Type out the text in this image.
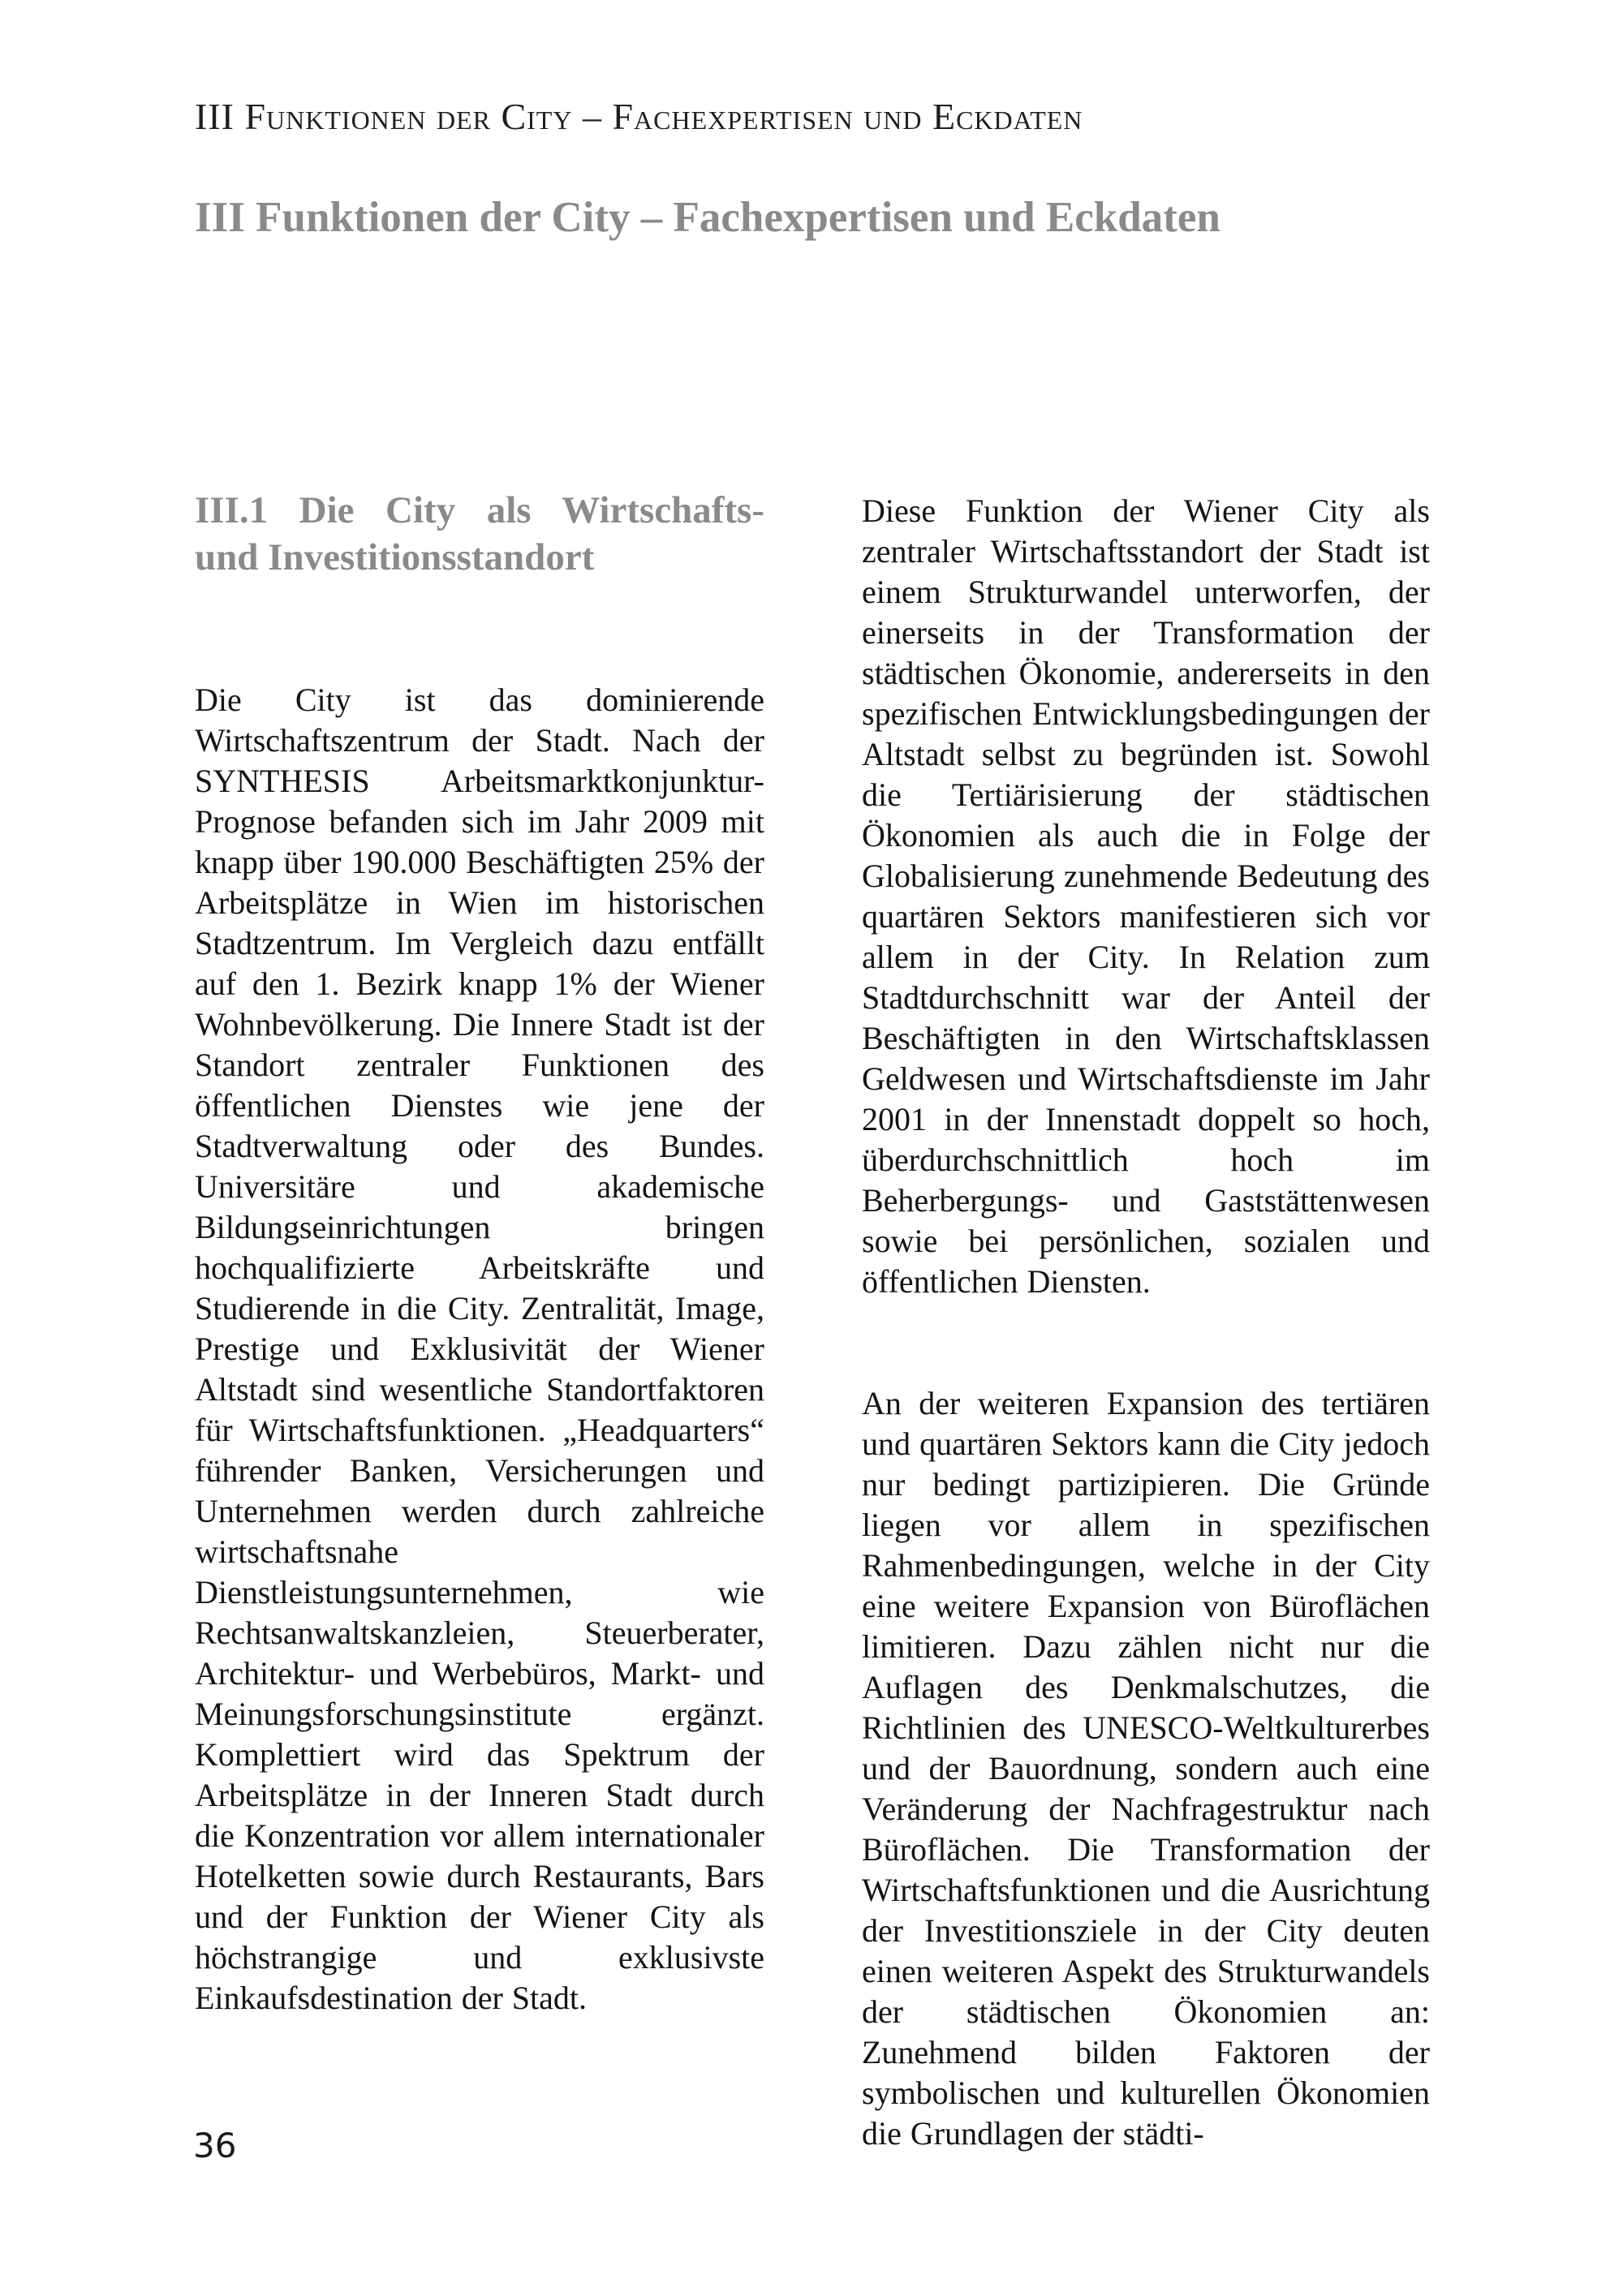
III Funktionen der City – Fachexpertisen und Eckdaten
III Funktionen der City – Fachexpertisen und Eckdaten
III.1 Die City als Wirtschafts-
und Investitionsstandort

Die City ist das dominierende Wirtschaftszentrum der Stadt. Nach der SYNTHESIS Arbeitsmarktkonjunktur-Prognose befanden sich im Jahr 2009 mit knapp über 190.000 Beschäftigten 25% der Arbeitsplätze in Wien im historischen Stadtzentrum. Im Vergleich dazu entfällt auf den 1. Bezirk knapp 1% der Wiener Wohnbevölkerung. Die Innere Stadt ist der Standort zentraler Funktionen des öffentlichen Dienstes wie jene der Stadtverwaltung oder des Bundes. Universitäre und akademische Bildungseinrichtungen bringen hochqualifizierte Arbeitskräfte und Studierende in die City. Zentralität, Image, Prestige und Exklusivität der Wiener Altstadt sind wesentliche Standortfaktoren für Wirtschaftsfunktionen. „Headquarters“ führender Banken, Versicherungen und Unternehmen werden durch zahlreiche wirtschaftsnahe Dienstleistungsunternehmen, wie Rechtsanwaltskanzleien, Steuerberater, Architektur- und Werbebüros, Markt- und Meinungsforschungsinstitute ergänzt. Komplettiert wird das Spektrum der Arbeitsplätze in der Inneren Stadt durch die Konzentration vor allem internationaler Hotelketten sowie durch Restaurants, Bars und der Funktion der Wiener City als höchstrangige und exklusivste Einkaufsdestination der Stadt.

Diese Funktion der Wiener City als zentraler Wirtschaftsstandort der Stadt ist einem Strukturwandel unterworfen, der einerseits in der Transformation der städtischen Ökonomie, andererseits in den spezifischen Entwicklungsbedingungen der Altstadt selbst zu begründen ist. Sowohl die Tertiärisierung der städtischen Ökonomien als auch die in Folge der Globalisierung zunehmende Bedeutung des quartären Sektors manifestieren sich vor allem in der City. In Relation zum Stadtdurchschnitt war der Anteil der Beschäftigten in den Wirtschaftsklassen Geldwesen und Wirtschaftsdienste im Jahr 2001 in der Innenstadt doppelt so hoch, überdurchschnittlich hoch im Beherbergungs- und Gaststättenwesen sowie bei persönlichen, sozialen und öffentlichen Diensten.

An der weiteren Expansion des tertiären und quartären Sektors kann die City jedoch nur bedingt partizipieren. Die Gründe liegen vor allem in spezifischen Rahmenbedingungen, welche in der City eine weitere Expansion von Büroflächen limitieren. Dazu zählen nicht nur die Auflagen des Denkmalschutzes, die Richtlinien des UNESCO-Weltkulturerbes und der Bauordnung, sondern auch eine Veränderung der Nachfragestruktur nach Büroflächen. Die Transformation der Wirtschaftsfunktionen und die Ausrichtung der Investitionsziele in der City deuten einen weiteren Aspekt des Strukturwandels der städtischen Ökonomien an: Zunehmend bilden Faktoren der symbolischen und kulturellen Ökonomien die Grundlagen der städti-

36
